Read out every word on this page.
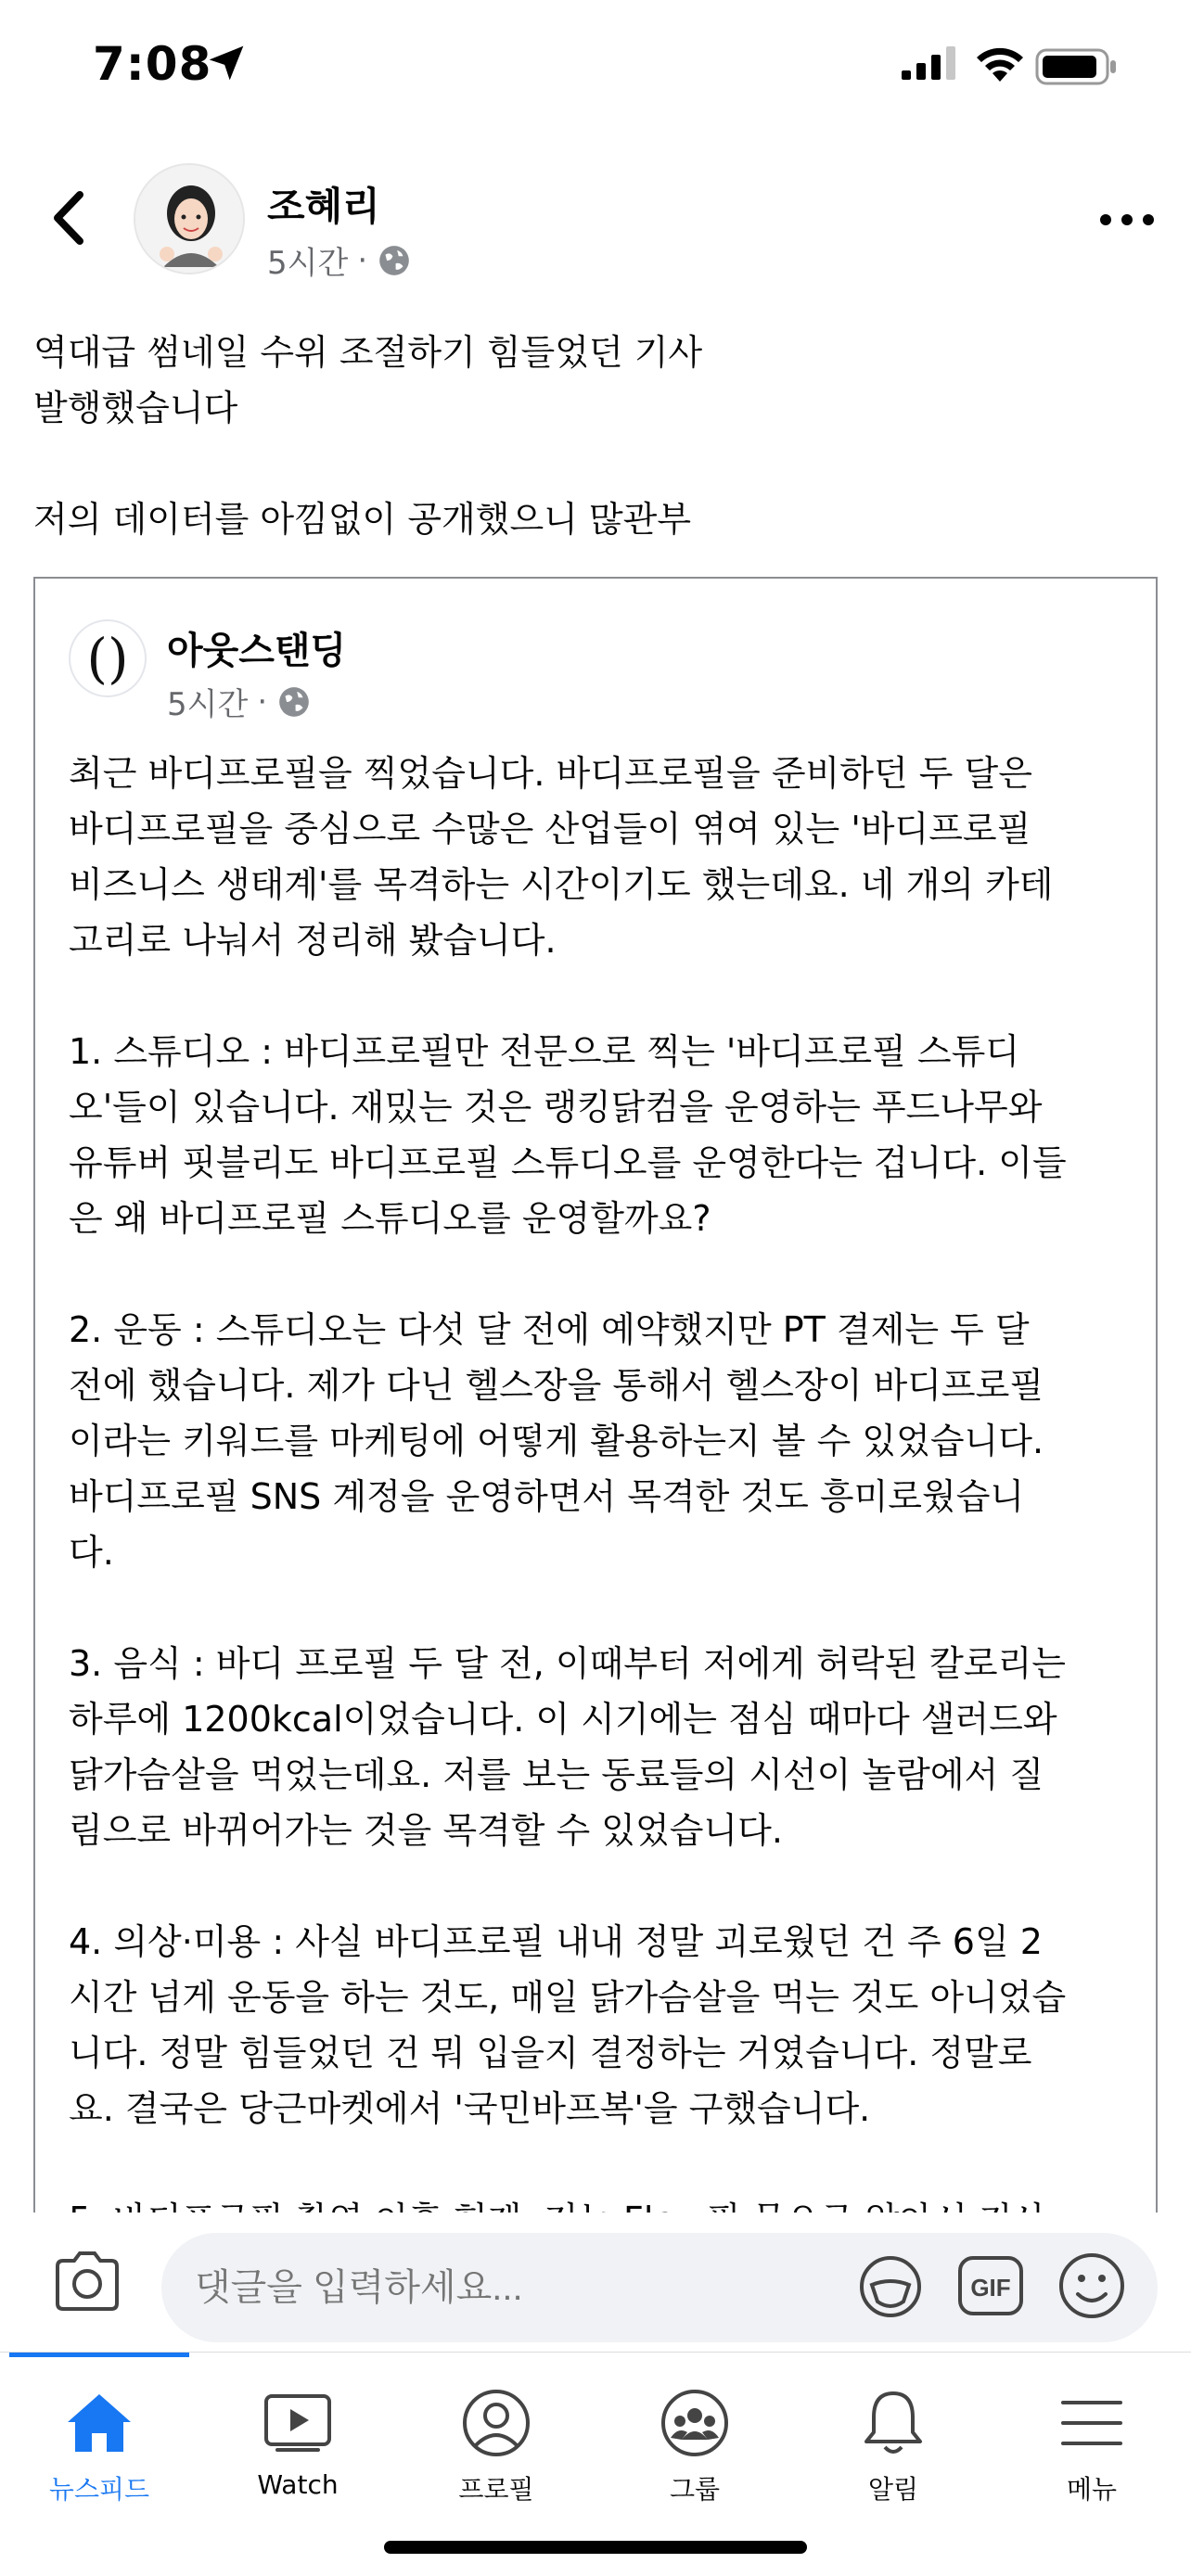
7:08
조혜리
5시간 ·

역대급 썸네일 수위 조절하기 힘들었던 기사
발행했습니다

저의 데이터를 아낌없이 공개했으니 많관부

()	아웃스탠딩
5시간 ·

최근 바디프로필을 찍었습니다. 바디프로필을 준비하던 두 달은
바디프로필을 중심으로 수많은 산업들이 엮여 있는 '바디프로필
비즈니스 생태계'를 목격하는 시간이기도 했는데요. 네 개의 카테
고리로 나눠서 정리해 봤습니다.

1. 스튜디오 : 바디프로필만 전문으로 찍는 '바디프로필 스튜디
오'들이 있습니다. 재밌는 것은 랭킹닭컴을 운영하는 푸드나무와
유튜버 핏블리도 바디프로필 스튜디오를 운영한다는 겁니다. 이들
은 왜 바디프로필 스튜디오를 운영할까요?

2. 운동 : 스튜디오는 다섯 달 전에 예약했지만 PT 결제는 두 달
전에 했습니다. 제가 다닌 헬스장을 통해서 헬스장이 바디프로필
이라는 키워드를 마케팅에 어떻게 활용하는지 볼 수 있었습니다.
바디프로필 SNS 계정을 운영하면서 목격한 것도 흥미로웠습니
다.

3. 음식 : 바디 프로필 두 달 전, 이때부터 저에게 허락된 칼로리는
하루에 1200kcal이었습니다. 이 시기에는 점심 때마다 샐러드와
닭가슴살을 먹었는데요. 저를 보는 동료들의 시선이 놀람에서 질
림으로 바뀌어가는 것을 목격할 수 있었습니다.

4. 의상·미용 : 사실 바디프로필 내내 정말 괴로웠던 건 주 6일 2
시간 넘게 운동을 하는 것도, 매일 닭가슴살을 먹는 것도 아니었습
니다. 정말 힘들었던 건 뭐 입을지 결정하는 거였습니다. 정말로
요. 결국은 당근마켓에서 '국민바프복'을 구했습니다.

댓글을 입력하세요...
GIF
뉴스피드	Watch	프로필	그룹	알림	메뉴
